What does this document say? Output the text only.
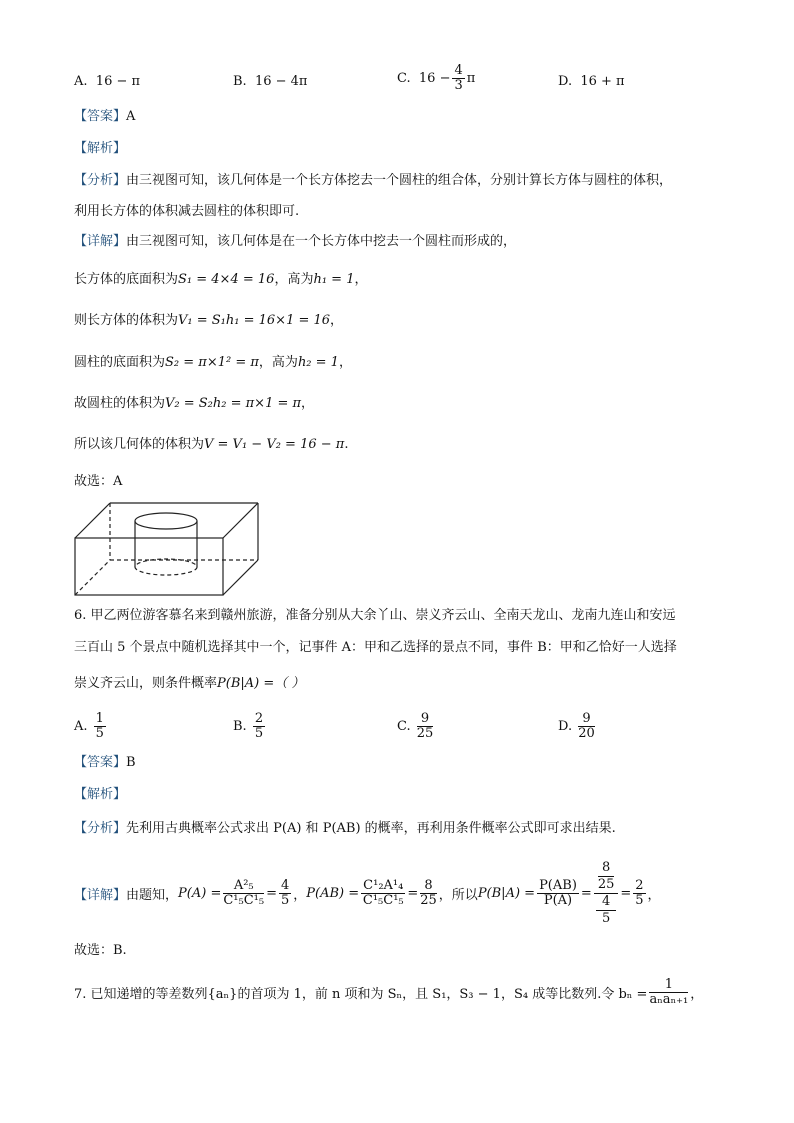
A. 16 − π	B. 16 − 4π	C. $16 - \frac{4}{3}$ π	D. 16 + π
【答案】A
【解析】
【分析】由三视图可知，该几何体是一个长方体挖去一个圆柱的组合体，分别计算长方体与圆柱的体积，
利用长方体的体积减去圆柱的体积即可.
【详解】由三视图可知，该几何体是在一个长方体中挖去一个圆柱而形成的，
长方体的底面积为S₁ = 4×4 = 16，高为h₁ = 1，
则长方体的体积为V₁ = S₁h₁ = 16×1 = 16，
圆柱的底面积为S₂ = π×1² = π，高为h₂ = 1，
故圆柱的体积为V₂ = S₂h₂ = π×1 = π，
所以该几何体的体积为V = V₁ − V₂ = 16 − π.
故选：A
6. 甲乙两位游客慕名来到赣州旅游，准备分别从大余丫山、崇义齐云山、全南天龙山、龙南九连山和安远
三百山 5 个景点中随机选择其中一个，记事件 A：甲和乙选择的景点不同，事件 B：甲和乙恰好一人选择
崇义齐云山，则条件概率P(B|A) =（ ）
A. $\frac{1}{5}$	B. $\frac{2}{5}$	C. $\frac{9}{25}$	D. $\frac{9}{20}$
【答案】B
【解析】
【分析】先利用古典概率公式求出 P(A) 和 P(AB) 的概率，再利用条件概率公式即可求出结果.
【详解】 由题知， $P(A) = \frac{\text{A²₅}}{\text{C¹₅C¹₅}} = \frac{4}{5}$ ， $P(AB) = \frac{\text{C¹₂A¹₄}}{\text{C¹₅C¹₅}} = \frac{8}{25}$ ，所以 $P(B|A) = \frac{P(AB)}{P(A)} = 8$
25
4
$5 = \frac{2}{5}$ ，
故选：B.
7. 已知递增的等差数列{aₙ}的首项为 1，前 n 项和为 Sₙ，且 S₁，S₃ − 1，S₄ 成等比数列.令 $b_n = \frac{1}{\text{aₙaₙ₊₁}}$ ，
